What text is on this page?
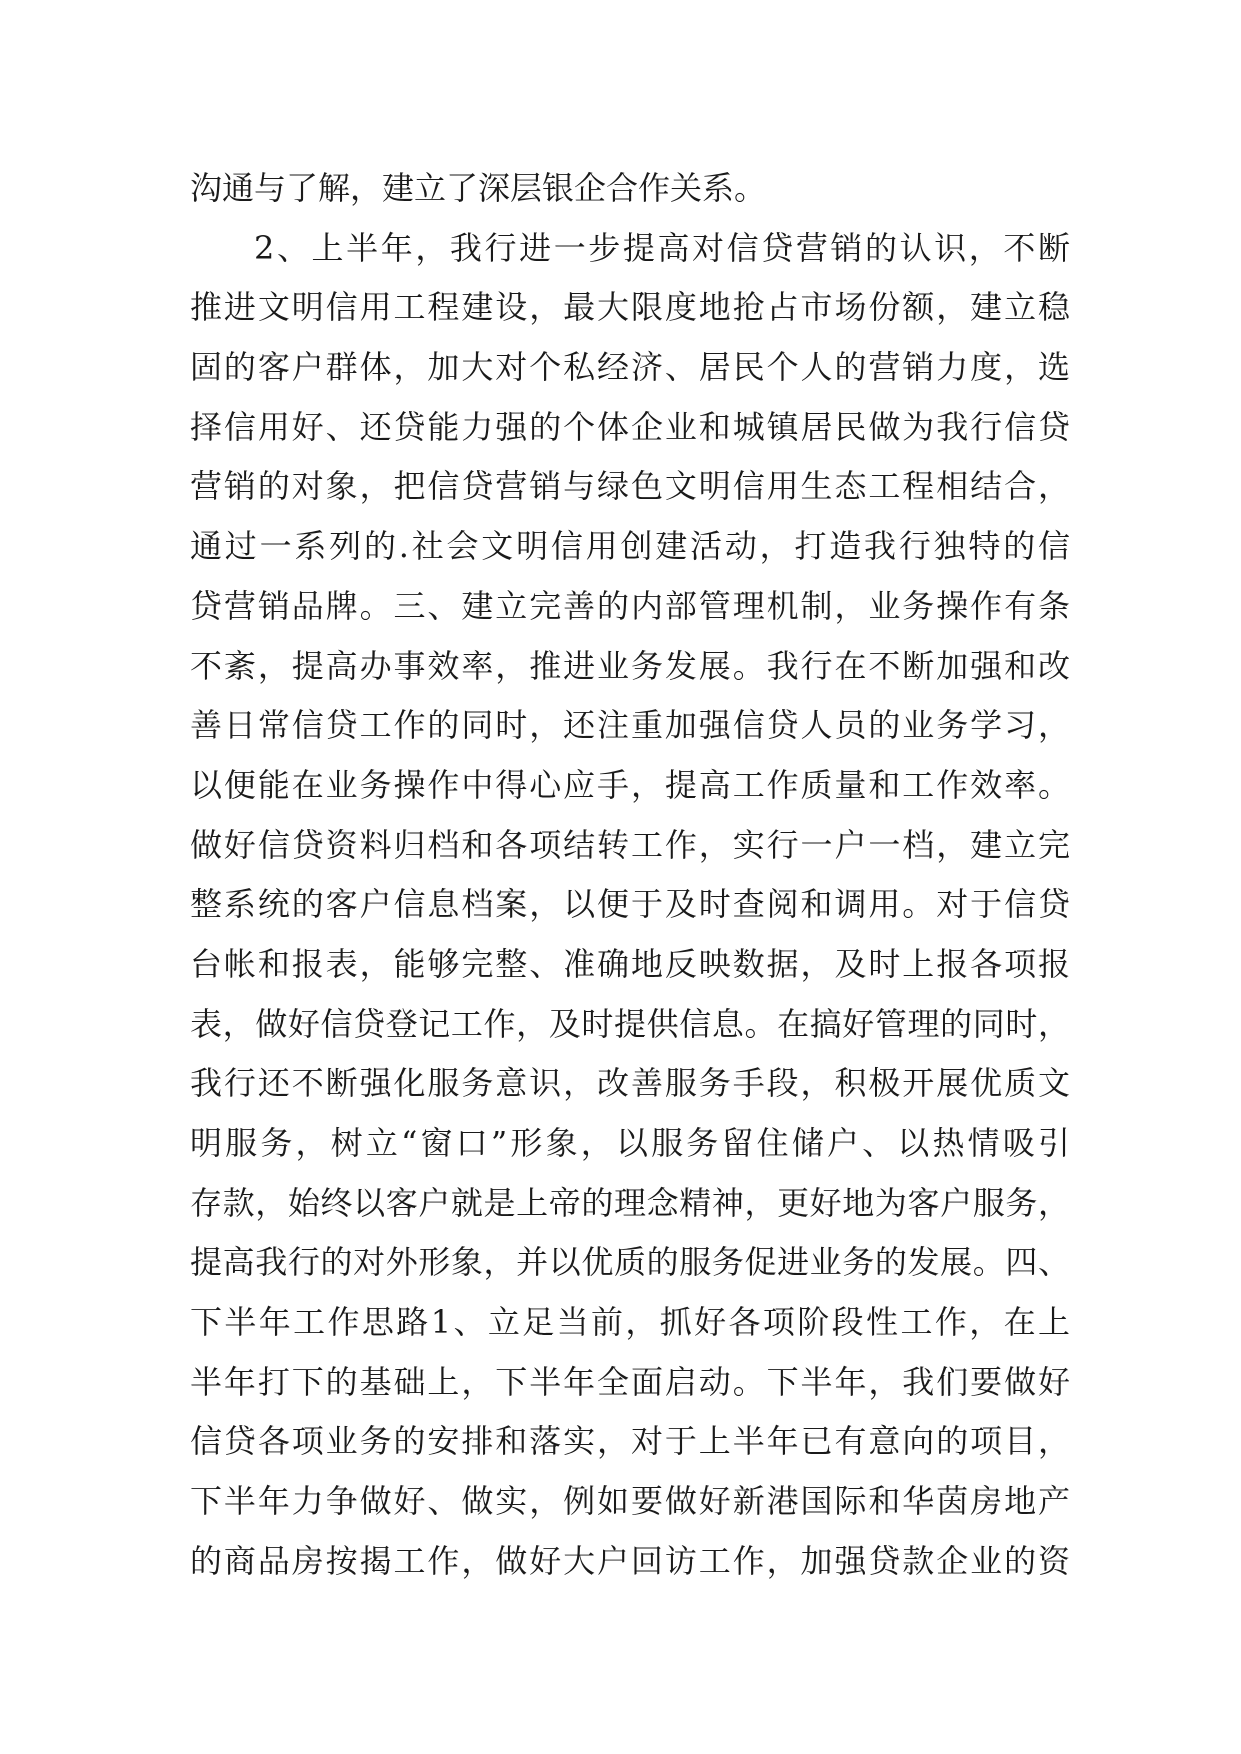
沟通与了解，建立了深层银企合作关系。
2、上半年，我行进一步提高对信贷营销的认识，不断
推进文明信用工程建设，最大限度地抢占市场份额，建立稳
固的客户群体，加大对个私经济、居民个人的营销力度，选
择信用好、还贷能力强的个体企业和城镇居民做为我行信贷
营销的对象，把信贷营销与绿色文明信用生态工程相结合，
通过一系列的.社会文明信用创建活动，打造我行独特的信
贷营销品牌。三、建立完善的内部管理机制，业务操作有条
不紊，提高办事效率，推进业务发展。我行在不断加强和改
善日常信贷工作的同时，还注重加强信贷人员的业务学习，
以便能在业务操作中得心应手，提高工作质量和工作效率。
做好信贷资料归档和各项结转工作，实行一户一档，建立完
整系统的客户信息档案，以便于及时查阅和调用。对于信贷
台帐和报表，能够完整、准确地反映数据，及时上报各项报
表，做好信贷登记工作，及时提供信息。在搞好管理的同时，
我行还不断强化服务意识，改善服务手段，积极开展优质文
明服务，树立“窗口”形象，以服务留住储户、以热情吸引
存款，始终以客户就是上帝的理念精神，更好地为客户服务，
提高我行的对外形象，并以优质的服务促进业务的发展。四、
下半年工作思路1、立足当前，抓好各项阶段性工作，在上
半年打下的基础上，下半年全面启动。下半年，我们要做好
信贷各项业务的安排和落实，对于上半年已有意向的项目，
下半年力争做好、做实，例如要做好新港国际和华茵房地产
的商品房按揭工作，做好大户回访工作，加强贷款企业的资
